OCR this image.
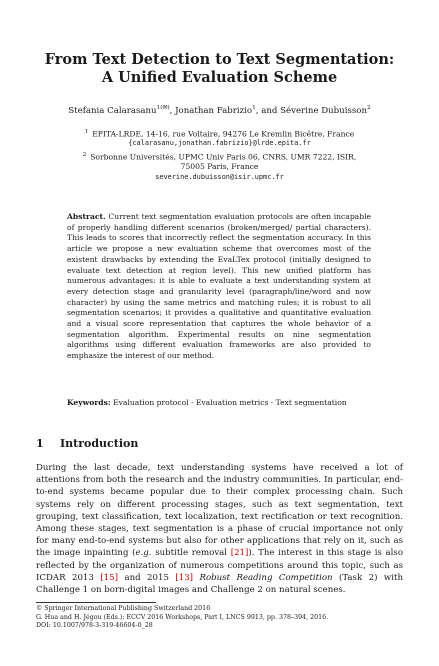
From Text Detection to Text Segmentation:
A Unified Evaluation Scheme
Stefania Calarasanu$^{1(✉)}$, Jonathan Fabrizio$^1$, and Séverine Dubuisson$^2$
$^1$ EPITA-LRDE, 14-16, rue Voltaire, 94276 Le Kremlin Bicêtre, France
{calarasanu,jonathan.fabrizio}@lrde.epita.fr
$^2$ Sorbonne Universités, UPMC Univ Paris 06, CNRS, UMR 7222, ISIR,
75005 Paris, France
severine.dubuisson@isir.upmc.fr
Abstract. Current text segmentation evaluation protocols are often incapable of properly handling different scenarios (broken/merged/ partial characters). This leads to scores that incorrectly reflect the segmentation accuracy. In this article we propose a new evaluation scheme that overcomes most of the existent drawbacks by extending the EvaLTex protocol (initially designed to evaluate text detection at region level). This new unified platform has numerous advantages: it is able to evaluate a text understanding system at every detection stage and granularity level (paragraph/line/word and now character) by using the same metrics and matching rules; it is robust to all segmentation scenarios; it provides a qualitative and quantitative evaluation and a visual score representation that captures the whole behavior of a segmentation algorithm. Experimental results on nine segmentation algorithms using different evaluation frameworks are also provided to emphasize the interest of our method.
Keywords: Evaluation protocol · Evaluation metrics · Text segmentation
1 Introduction

During the last decade, text understanding systems have received a lot of attentions from both the research and the industry communities. In particular, end-to-end systems became popular due to their complex processing chain. Such systems rely on different processing stages, such as text segmentation, text grouping, text classification, text localization, text rectification or text recognition. Among these stages, text segmentation is a phase of crucial importance not only for many end-to-end systems but also for other applications that rely on it, such as the image inpainting (e.g. subtitle removal [21]). The interest in this stage is also reflected by the organization of numerous competitions around this topic, such as ICDAR 2013 [15] and 2015 [13] Robust Reading Competition (Task 2) with Challenge 1 on born-digital images and Challenge 2 on natural scenes.

© Springer International Publishing Switzerland 2016
G. Hua and H. Jégou (Eds.): ECCV 2016 Workshops, Part I, LNCS 9913, pp. 378–394, 2016.
DOI: 10.1007/978-3-319-46604-0_28
